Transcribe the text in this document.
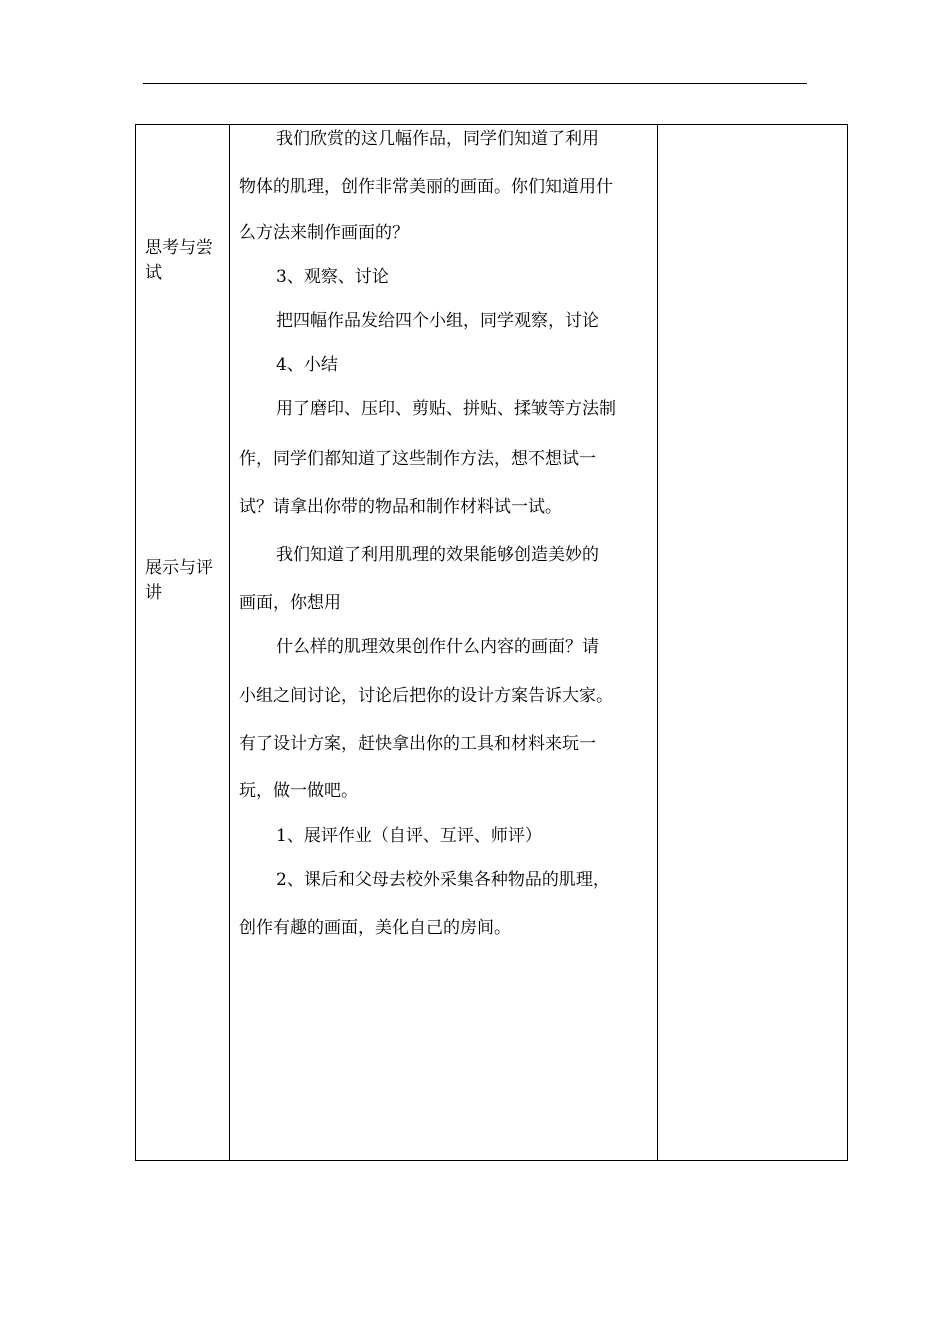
思考与尝试
展示与评讲

我们欣赏的这几幅作品，同学们知道了利用

物体的肌理，创作非常美丽的画面。你们知道用什

么方法来制作画面的？

3、观察、讨论

把四幅作品发给四个小组，同学观察，讨论

4、小结

用了磨印、压印、剪贴、拼贴、揉皱等方法制

作，同学们都知道了这些制作方法，想不想试一

试？请拿出你带的物品和制作材料试一试。

我们知道了利用肌理的效果能够创造美妙的

画面，你想用

什么样的肌理效果创作什么内容的画面？请

小组之间讨论，讨论后把你的设计方案告诉大家。

有了设计方案，赶快拿出你的工具和材料来玩一

玩，做一做吧。

1、展评作业（自评、互评、师评）

2、课后和父母去校外采集各种物品的肌理，

创作有趣的画面，美化自己的房间。
